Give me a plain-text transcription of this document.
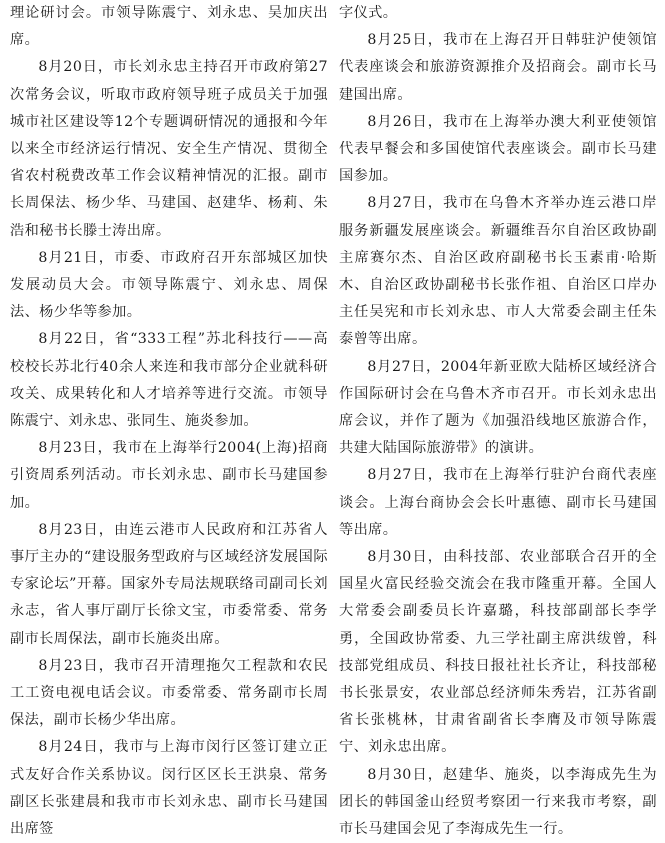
理论研讨会。市领导陈震宁、刘永忠、吴加庆出席。

8月20日，市长刘永忠主持召开市政府第27次常务会议，听取市政府领导班子成员关于加强城市社区建设等12个专题调研情况的通报和今年以来全市经济运行情况、安全生产情况、贯彻全省农村税费改革工作会议精神情况的汇报。副市长周保法、杨少华、马建国、赵建华、杨莉、朱浩和秘书长滕士涛出席。

8月21日，市委、市政府召开东部城区加快发展动员大会。市领导陈震宁、刘永忠、周保法、杨少华等参加。

8月22日，省“333工程”苏北科技行——高校校长苏北行40余人来连和我市部分企业就科研攻关、成果转化和人才培养等进行交流。市领导陈震宁、刘永忠、张同生、施炎参加。

8月23日，我市在上海举行2004(上海)招商引资周系列活动。市长刘永忠、副市长马建国参加。

8月23日，由连云港市人民政府和江苏省人事厅主办的“建设服务型政府与区域经济发展国际专家论坛”开幕。国家外专局法规联络司副司长刘永志，省人事厅副厅长徐文宝，市委常委、常务副市长周保法，副市长施炎出席。

8月23日，我市召开清理拖欠工程款和农民工工资电视电话会议。市委常委、常务副市长周保法，副市长杨少华出席。

8月24日，我市与上海市闵行区签订建立正式友好合作关系协议。闵行区区长王洪泉、常务副区长张建晨和我市市长刘永忠、副市长马建国出席签

字仪式。

8月25日，我市在上海召开日韩驻沪使领馆代表座谈会和旅游资源推介及招商会。副市长马建国出席。

8月26日，我市在上海举办澳大利亚使领馆代表早餐会和多国使馆代表座谈会。副市长马建国参加。

8月27日，我市在乌鲁木齐举办连云港口岸服务新疆发展座谈会。新疆维吾尔自治区政协副主席赛尔杰、自治区政府副秘书长玉素甫·哈斯木、自治区政协副秘书长张作祖、自治区口岸办主任吴宪和市长刘永忠、市人大常委会副主任朱泰曾等出席。

8月27日，2004年新亚欧大陆桥区域经济合作国际研讨会在乌鲁木齐市召开。市长刘永忠出席会议，并作了题为《加强沿线地区旅游合作，共建大陆国际旅游带》的演讲。

8月27日，我市在上海举行驻沪台商代表座谈会。上海台商协会会长叶惠德、副市长马建国等出席。

8月30日，由科技部、农业部联合召开的全国星火富民经验交流会在我市隆重开幕。全国人大常委会副委员长许嘉璐，科技部副部长李学勇，全国政协常委、九三学社副主席洪绂曾，科技部党组成员、科技日报社社长齐让，科技部秘书长张景安，农业部总经济师朱秀岩，江苏省副省长张桃林，甘肃省副省长李膺及市领导陈震宁、刘永忠出席。

8月30日，赵建华、施炎，以李海成先生为团长的韩国釜山经贸考察团一行来我市考察，副市长马建国会见了李海成先生一行。
